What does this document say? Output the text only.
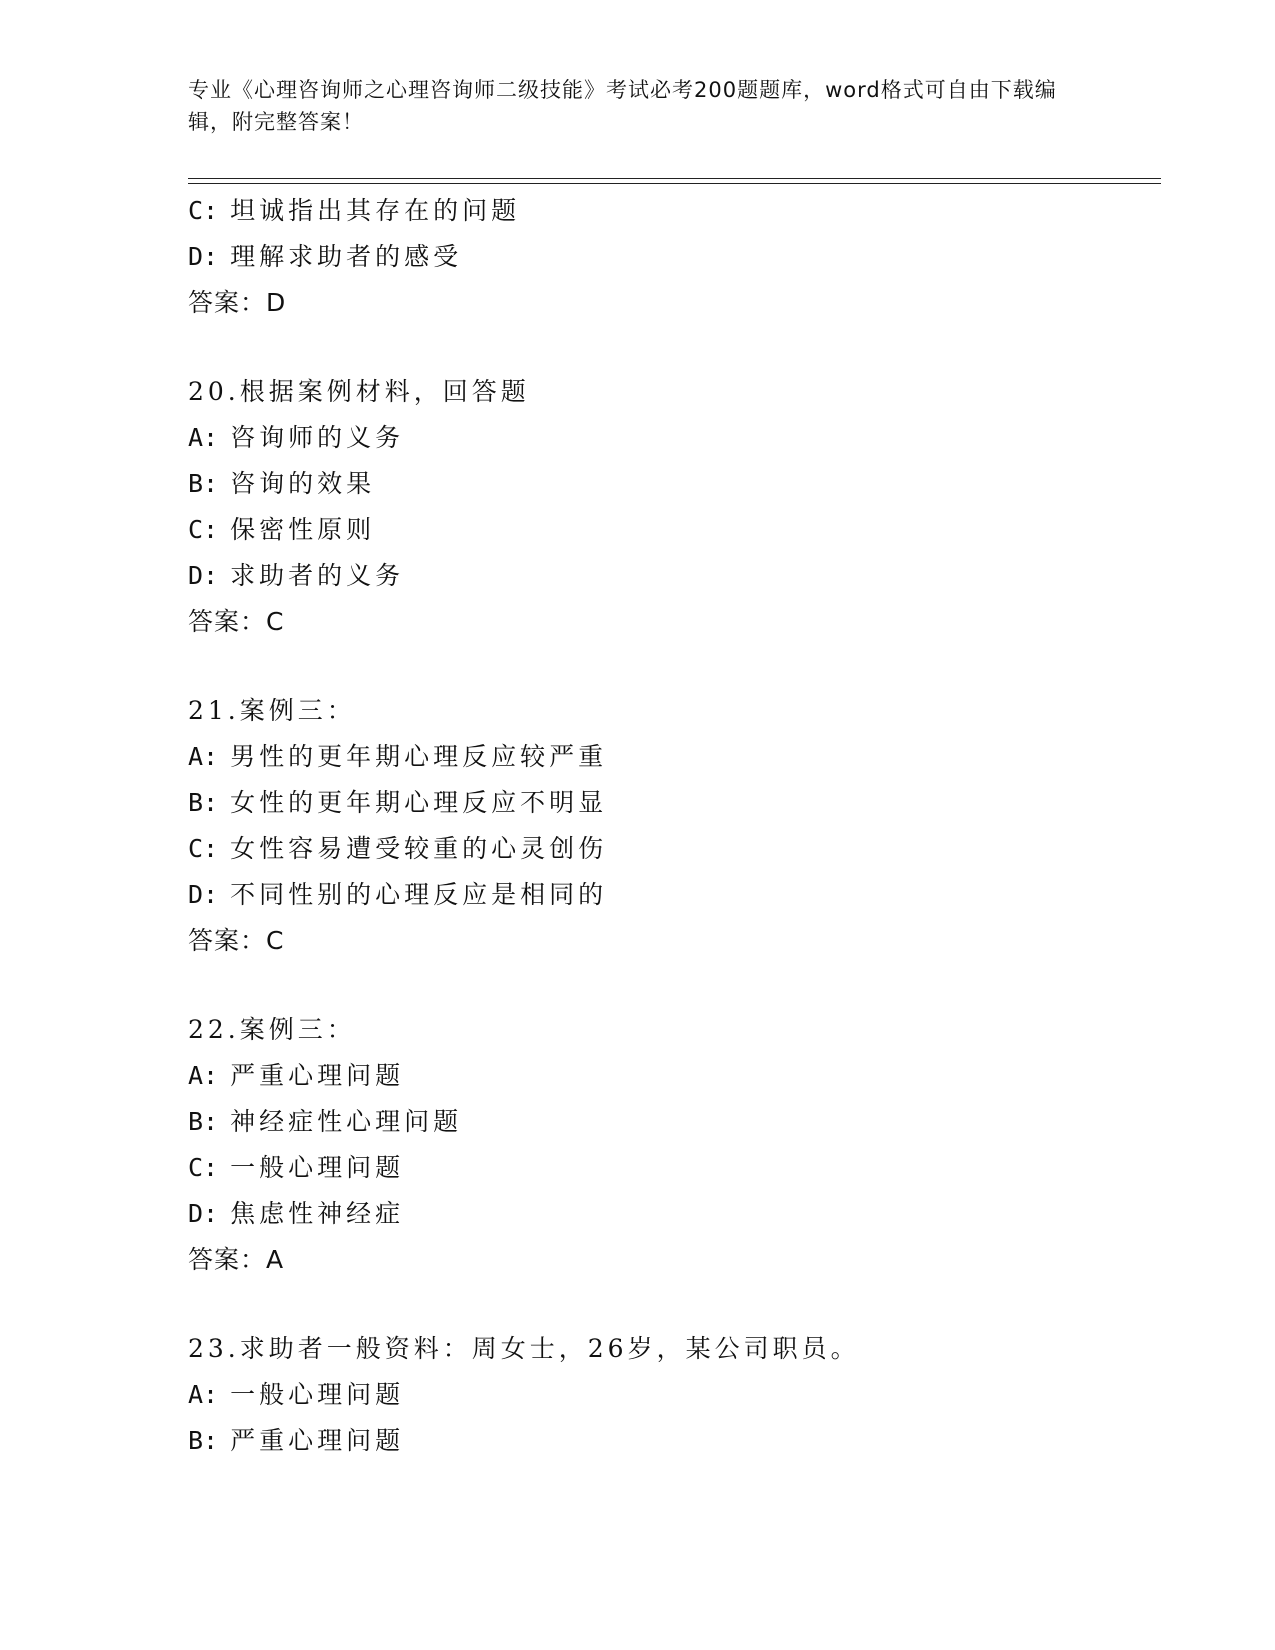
专业《心理咨询师之心理咨询师二级技能》考试必考200题题库，word格式可自由下载编辑，附完整答案！
C: 坦诚指出其存在的问题
D: 理解求助者的感受
答案：D
20.根据案例材料，回答题
A: 咨询师的义务
B: 咨询的效果
C: 保密性原则
D: 求助者的义务
答案：C
21.案例三：
A: 男性的更年期心理反应较严重
B: 女性的更年期心理反应不明显
C: 女性容易遭受较重的心灵创伤
D: 不同性别的心理反应是相同的
答案：C
22.案例三：
A: 严重心理问题
B: 神经症性心理问题
C: 一般心理问题
D: 焦虑性神经症
答案：A
23.求助者一般资料：周女士，26岁，某公司职员。
A: 一般心理问题
B: 严重心理问题
